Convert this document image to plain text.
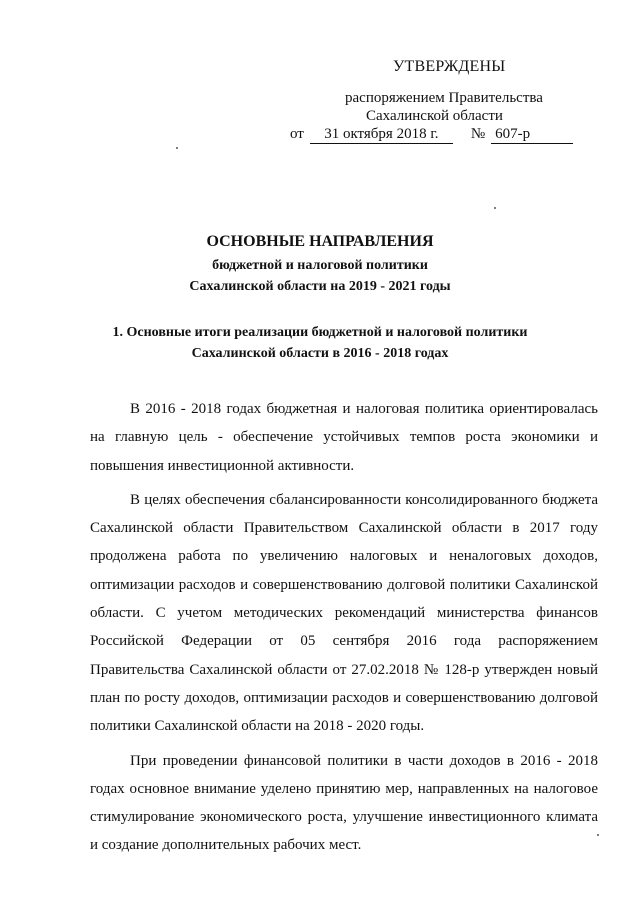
УТВЕРЖДЕНЫ
распоряжением Правительства
Сахалинской области
от 31 октября 2018 г. № 607-р
ОСНОВНЫЕ НАПРАВЛЕНИЯ
бюджетной и налоговой политики
Сахалинской области на 2019 - 2021 годы
1. Основные итоги реализации бюджетной и налоговой политики
Сахалинской области в 2016 - 2018 годах

В 2016 - 2018 годах бюджетная и налоговая политика ориентировалась на главную цель - обеспечение устойчивых темпов роста экономики и повышения инвестиционной активности.

В целях обеспечения сбалансированности консолидированного бюджета Сахалинской области Правительством Сахалинской области в 2017 году продолжена работа по увеличению налоговых и неналоговых доходов, оптимизации расходов и совершенствованию долговой политики Сахалинской области. С учетом методических рекомендаций министерства финансов Российской Федерации от 05 сентября 2016 года распоряжением Правительства Сахалинской области от 27.02.2018 № 128-р утвержден новый план по росту доходов, оптимизации расходов и совершенствованию долговой политики Сахалинской области на 2018 - 2020 годы.

При проведении финансовой политики в части доходов в 2016 - 2018 годах основное внимание уделено принятию мер, направленных на налоговое стимулирование экономического роста, улучшение инвестиционного климата и создание дополнительных рабочих мест.
